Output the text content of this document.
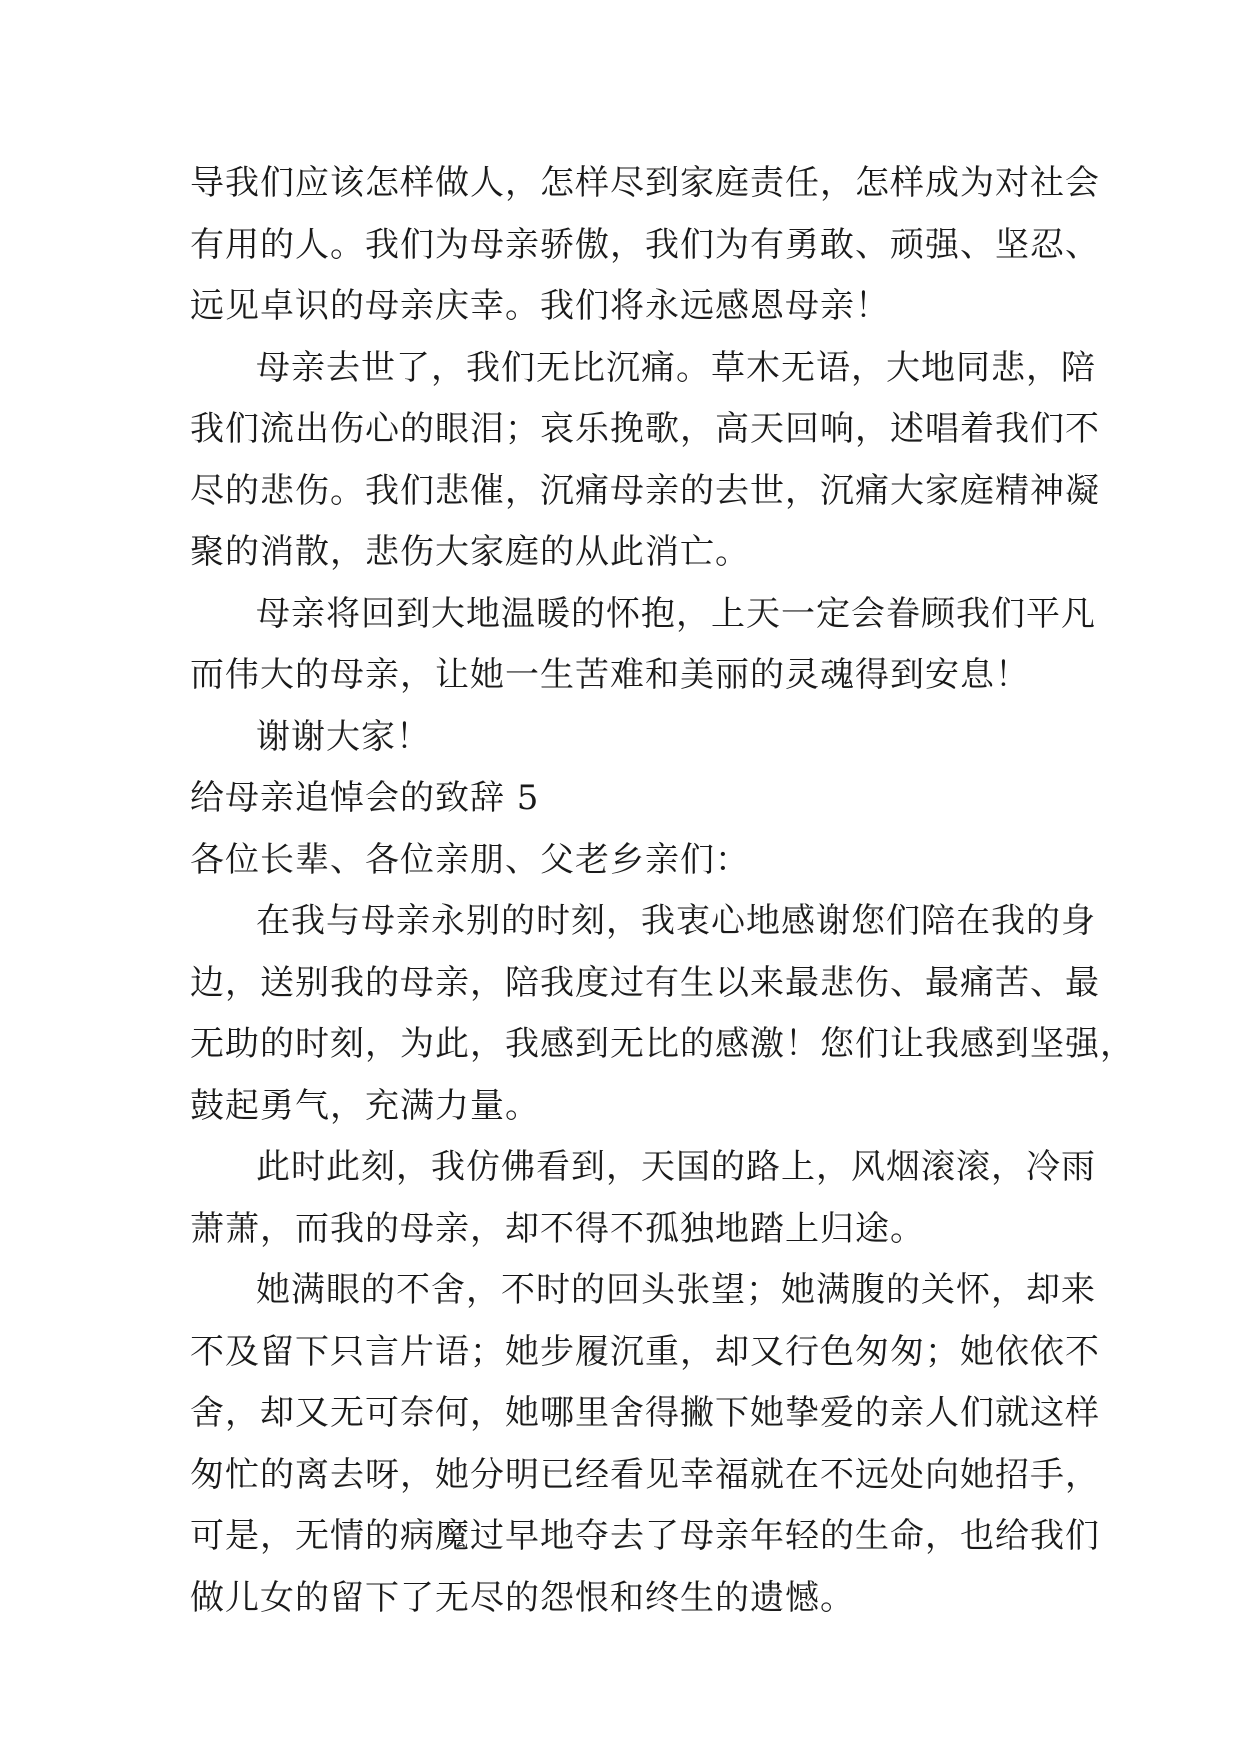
导我们应该怎样做人，怎样尽到家庭责任，怎样成为对社会
有用的人。我们为母亲骄傲，我们为有勇敢、顽强、坚忍、
远见卓识的母亲庆幸。我们将永远感恩母亲！
母亲去世了，我们无比沉痛。草木无语，大地同悲，陪
我们流出伤心的眼泪；哀乐挽歌，高天回响，述唱着我们不
尽的悲伤。我们悲催，沉痛母亲的去世，沉痛大家庭精神凝
聚的消散，悲伤大家庭的从此消亡。
母亲将回到大地温暖的怀抱，上天一定会眷顾我们平凡
而伟大的母亲，让她一生苦难和美丽的灵魂得到安息！
谢谢大家！
给母亲追悼会的致辞 5
各位长辈、各位亲朋、父老乡亲们：
在我与母亲永别的时刻，我衷心地感谢您们陪在我的身
边，送别我的母亲，陪我度过有生以来最悲伤、最痛苦、最
无助的时刻，为此，我感到无比的感激！您们让我感到坚强，
鼓起勇气，充满力量。
此时此刻，我仿佛看到，天国的路上，风烟滚滚，冷雨
萧萧，而我的母亲，却不得不孤独地踏上归途。
她满眼的不舍，不时的回头张望；她满腹的关怀，却来
不及留下只言片语；她步履沉重，却又行色匆匆；她依依不
舍，却又无可奈何，她哪里舍得撇下她挚爱的亲人们就这样
匆忙的离去呀，她分明已经看见幸福就在不远处向她招手，
可是，无情的病魔过早地夺去了母亲年轻的生命，也给我们
做儿女的留下了无尽的怨恨和终生的遗憾。
